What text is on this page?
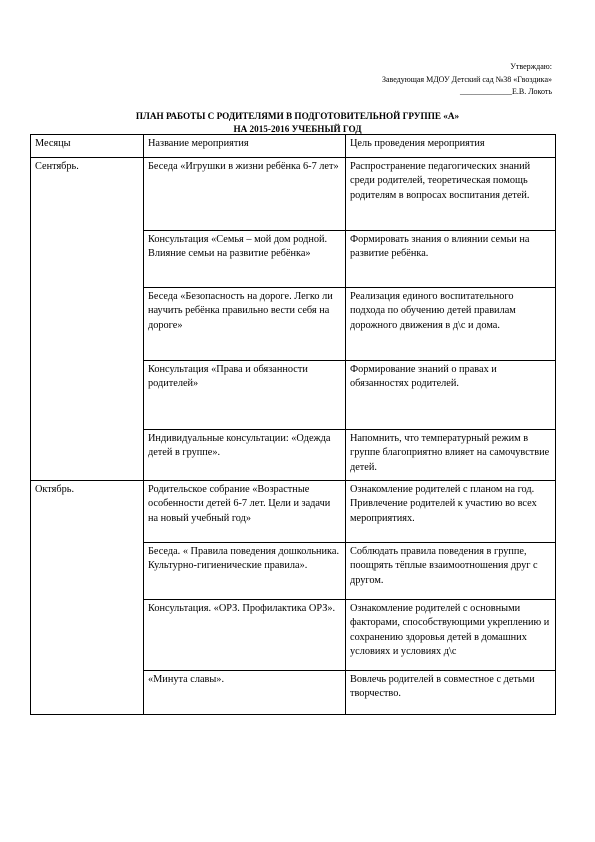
Утверждаю:
Заведующая МДОУ Детский сад №38 «Гвоздика»
_____________Е.В. Локоть
ПЛАН РАБОТЫ С РОДИТЕЛЯМИ В ПОДГОТОВИТЕЛЬНОЙ ГРУППЕ «А»
НА 2015-2016 УЧЕБНЫЙ ГОД
Месяцы	Название мероприятия	Цель проведения мероприятия
Сентябрь.	Беседа «Игрушки в жизни ребёнка 6-7 лет»	Распространение педагогических знаний среди родителей, теоретическая помощь родителям в вопросах воспитания детей.
	Консультация «Семья – мой дом родной. Влияние семьи на развитие ребёнка»	Формировать знания о влиянии семьи на развитие ребёнка.
	Беседа «Безопасность на дороге. Легко ли научить ребёнка правильно вести себя на дороге»	Реализация единого воспитательного подхода по обучению детей правилам дорожного движения в д\с и дома.
	Консультация «Права и обязанности родителей»	Формирование знаний о правах и обязанностях родителей.
	Индивидуальные консультации: «Одежда детей в группе».	Напомнить, что температурный режим в группе благоприятно влияет на самочувствие детей.
Октябрь.	Родительское собрание «Возрастные особенности детей 6-7 лет. Цели и задачи на новый учебный год»	Ознакомление родителей с планом на год. Привлечение родителей к участию во всех мероприятиях.
	Беседа. « Правила поведения дошкольника. Культурно-гигиенические правила».	Соблюдать правила поведения в группе, поощрять тёплые взаимоотношения друг с другом.
	Консультация. «ОРЗ. Профилактика ОРЗ».	Ознакомление родителей с основными факторами, способствующими укреплению и сохранению здоровья детей в домашних условиях и условиях д\с
	«Минута славы».	Вовлечь родителей в совместное с детьми творчество.
